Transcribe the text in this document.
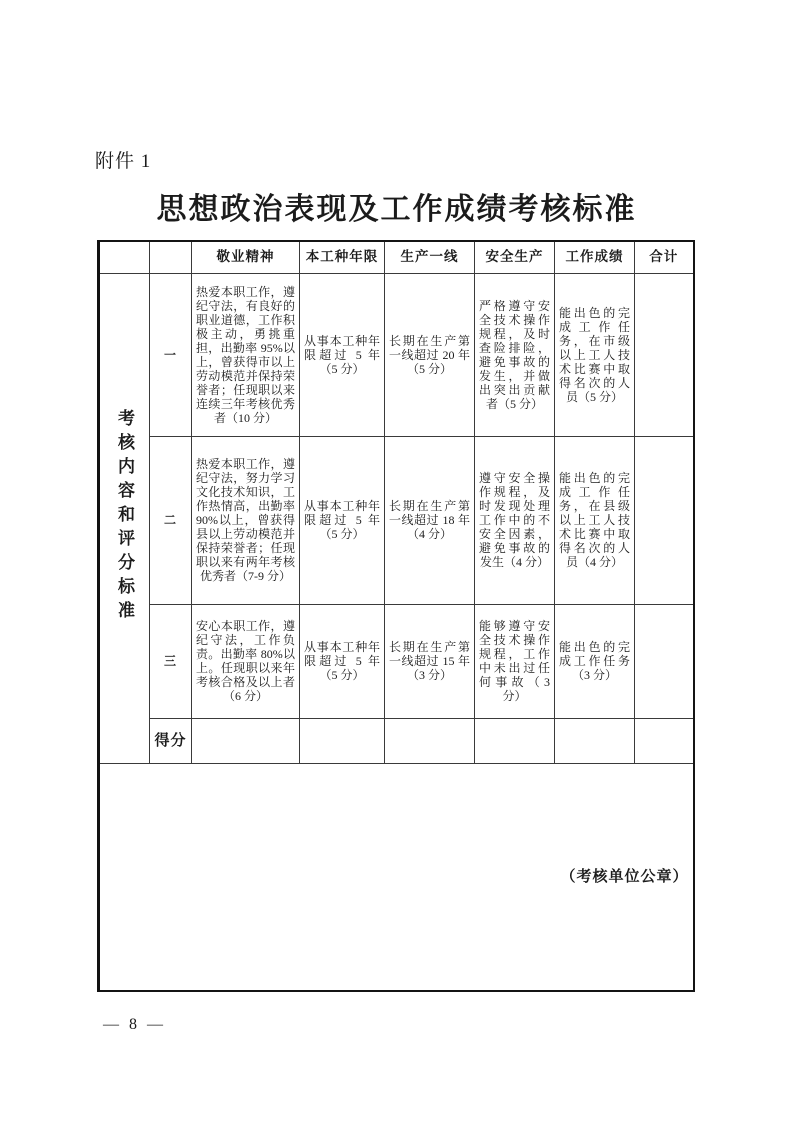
附件 1
思想政治表现及工作成绩考核标准
		敬业精神	本工种年限	生产一线	安全生产	工作成绩	合计
考核内容和评分标准	一	热爱本职工作，遵纪守法，有良好的职业道德，工作积极主动，勇挑重担，出勤率 95%以上，曾获得市以上劳动模范并保持荣誉者；任现职以来连续三年考核优秀者（10 分）	从事本工种年限超过 5 年（5 分）	长期在生产第一线超过 20 年（5 分）	严格遵守安全技术操作规程，及时查险排险，避免事故的发生，并做出突出贡献者（5 分）	能出色的完成工作任务，在市级以上工人技术比赛中取得名次的人员（5 分）	
	二	热爱本职工作，遵纪守法，努力学习文化技术知识，工作热情高，出勤率 90%以上，曾获得县以上劳动模范并保持荣誉者；任现职以来有两年考核优秀者（7-9 分）	从事本工种年限超过 5 年（5 分）	长期在生产第一线超过 18 年（4 分）	遵守安全操作规程，及时发现处理工作中的不安全因素，避免事故的发生（4 分）	能出色的完成工作任务，在县级以上工人技术比赛中取得名次的人员（4 分）	
	三	安心本职工作，遵纪守法，工作负责。出勤率 80%以上。任现职以来年考核合格及以上者（6 分）	从事本工种年限超过 5 年（5 分）	长期在生产第一线超过 15 年（3 分）	能够遵守安全技术操作规程，工作中未出过任何事故（3 分）	能出色的完成工作任务（3 分）	
	得分						
（考核单位公章）							
— 8 —
